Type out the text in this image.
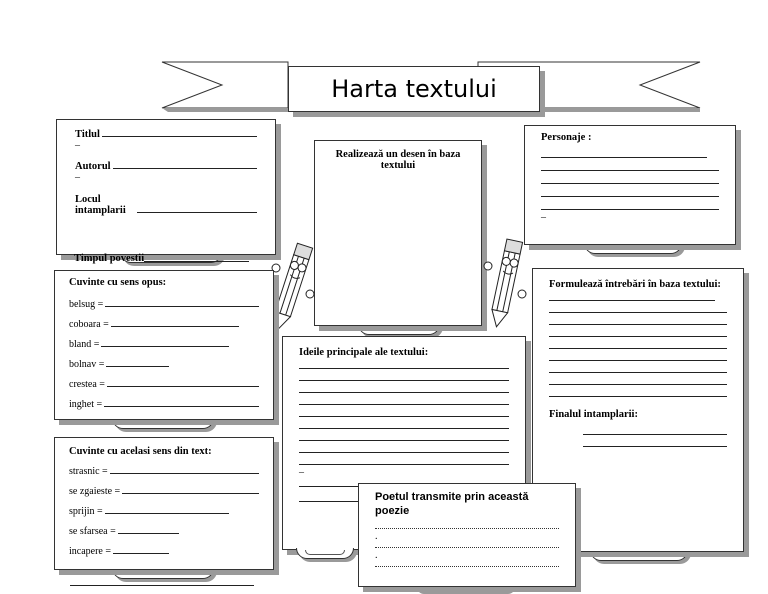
Harta textului
Titlul
–
Autorul
–
Locul intamplarii
Timpul povestii
Realizează un desen în baza textului
Personaje :
–
Cuvinte cu sens opus:
belsug =
coboara =
bland =
bolnav =
crestea =
inghet =
Cuvinte cu acelasi sens din text:
strasnic =
se zgaieste =
sprijin =
se sfarsea =
incapere =
Ideile principale ale textului:
–
Formulează întrebări în baza textului:
Finalul intamplarii:
Poetul transmite prin această poezie
.
.
